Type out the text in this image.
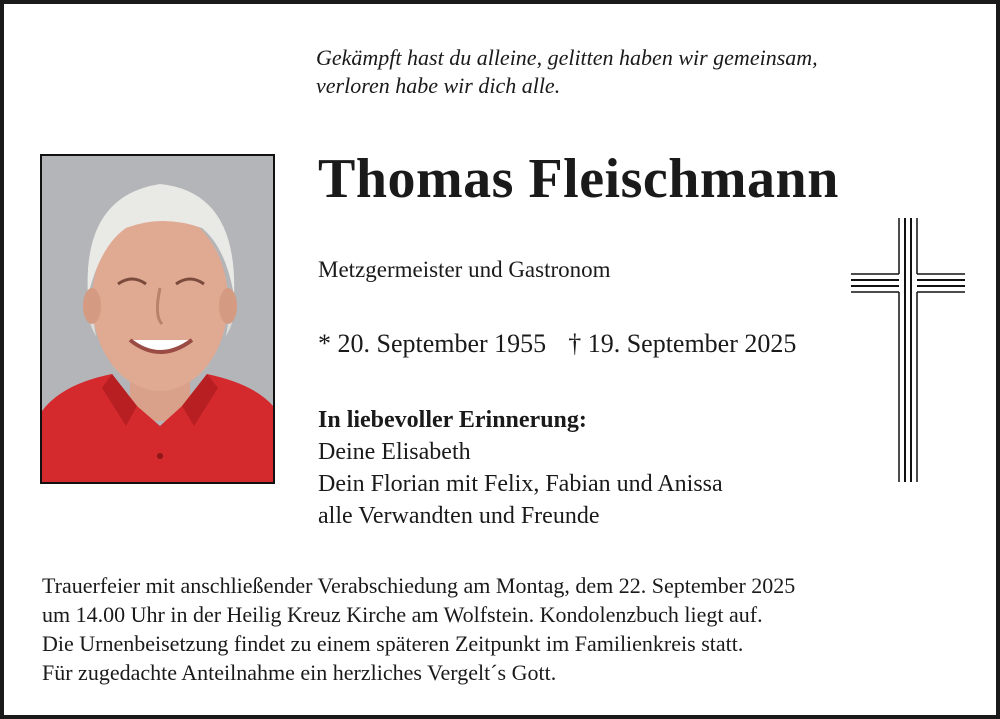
Gekämpft hast du alleine, gelitten haben wir gemeinsam,
verloren habe wir dich alle.
Thomas Fleischmann
Metzgermeister und Gastronom
* 20. September 1955 † 19. September 2025
In liebevoller Erinnerung:
Deine Elisabeth
Dein Florian mit Felix, Fabian und Anissa
alle Verwandten und Freunde
Trauerfeier mit anschließender Verabschiedung am Montag, dem 22. September 2025
um 14.00 Uhr in der Heilig Kreuz Kirche am Wolfstein. Kondolenzbuch liegt auf.
Die Urnenbeisetzung findet zu einem späteren Zeitpunkt im Familienkreis statt.
Für zugedachte Anteilnahme ein herzliches Vergelt´s Gott.
